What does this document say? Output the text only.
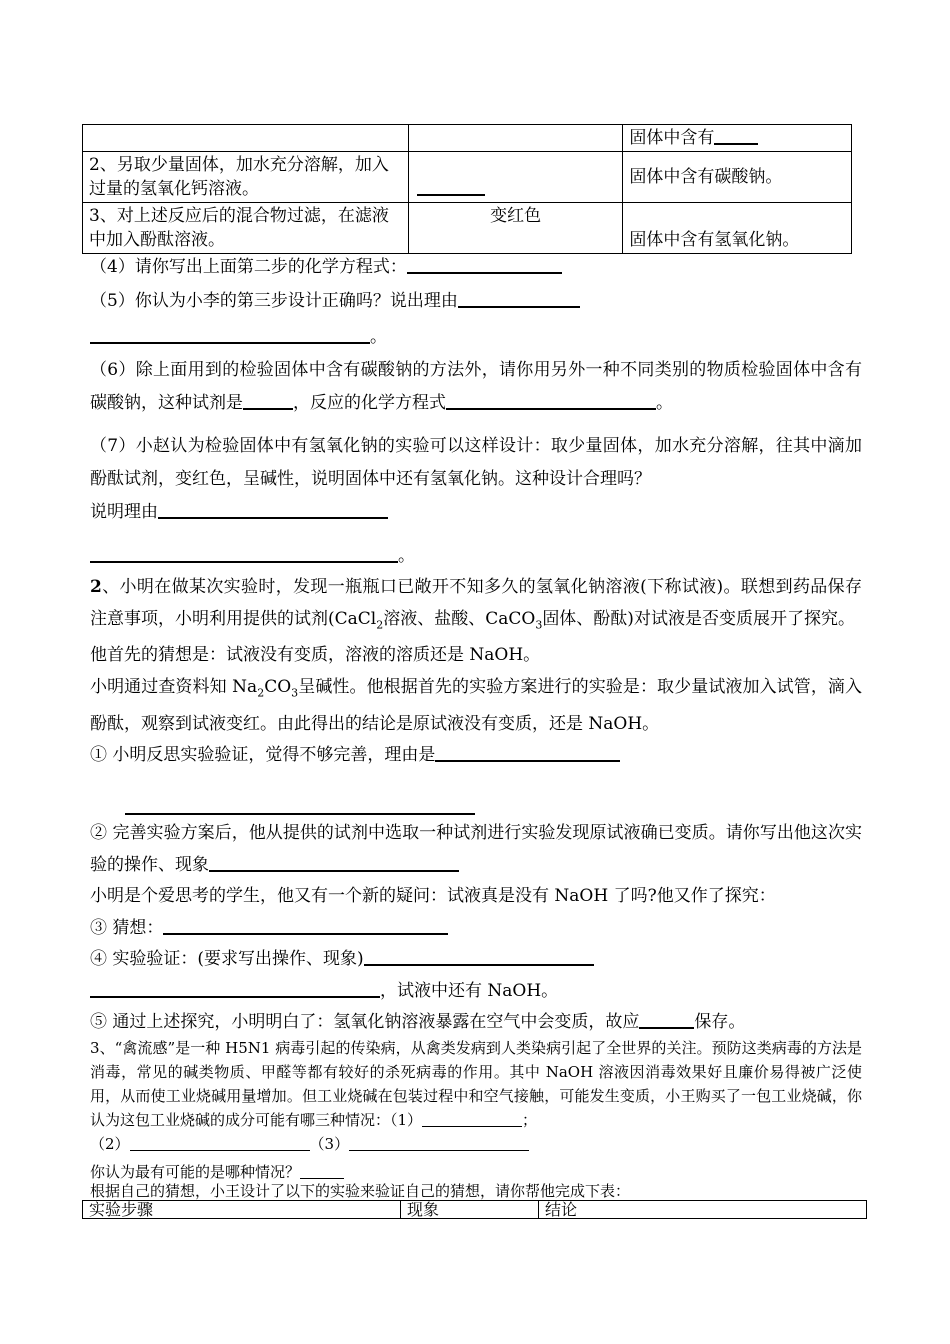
		固体中含有
2、另取少量固体，加水充分溶解，加入过量的氢氧化钙溶液。		固体中含有碳酸钠。
3、对上述反应后的混合物过滤，在滤液中加入酚酞溶液。	变红色	固体中含有氢氧化钠。
（4）请你写出上面第二步的化学方程式：
（5）你认为小李的第三步设计正确吗？说出理由
。
（6）除上面用到的检验固体中含有碳酸钠的方法外，请你用另外一种不同类别的物质检验固体中含有碳酸钠，这种试剂是	，反应的化学方程式	。
（7）小赵认为检验固体中有氢氧化钠的实验可以这样设计：取少量固体，加水充分溶解，往其中滴加酚酞试剂，变红色，呈碱性，说明固体中还有氢氧化钠。这种设计合理吗？
说明理由
。
2、小明在做某次实验时，发现一瓶瓶口已敞开不知多久的氢氧化钠溶液(下称试液)。联想到药品保存注意事项，小明利用提供的试剂(CaCl$_2$溶液、盐酸、CaCO$_3$固体、酚酞)对试液是否变质展开了探究。
他首先的猜想是：试液没有变质，溶液的溶质还是 NaOH。
小明通过查资料知 $Na_2CO_3$呈碱性。他根据首先的实验方案进行的实验是：取少量试液加入试管，滴入酚酞，观察到试液变红。由此得出的结论是原试液没有变质，还是 NaOH。
① 小明反思实验验证，觉得不够完善，理由是
② 完善实验方案后，他从提供的试剂中选取一种试剂进行实验发现原试液确已变质。请你写出他这次实验的操作、现象
小明是个爱思考的学生，他又有一个新的疑问：试液真是没有 NaOH 了吗?他又作了探究：
③ 猜想：
④ 实验验证：(要求写出操作、现象)
，试液中还有 NaOH。
⑤ 通过上述探究，小明明白了：氢氧化钠溶液暴露在空气中会变质，故应	保存。
3、“禽流感”是一种 H5N1 病毒引起的传染病，从禽类发病到人类染病引起了全世界的关注。预防这类病毒的方法是消毒，常见的碱类物质、甲醛等都有较好的杀死病毒的作用。其中 NaOH 溶液因消毒效果好且廉价易得被广泛使用，从而使工业烧碱用量增加。但工业烧碱在包装过程中和空气接触，可能发生变质，小王购买了一包工业烧碱，你认为这包工业烧碱的成分可能有哪三种情况：（1）	；
（2）	（3）
你认为最有可能的是哪种情况？
根据自己的猜想，小王设计了以下的实验来验证自己的猜想，请你帮他完成下表：
实验步骤	现象	结论
